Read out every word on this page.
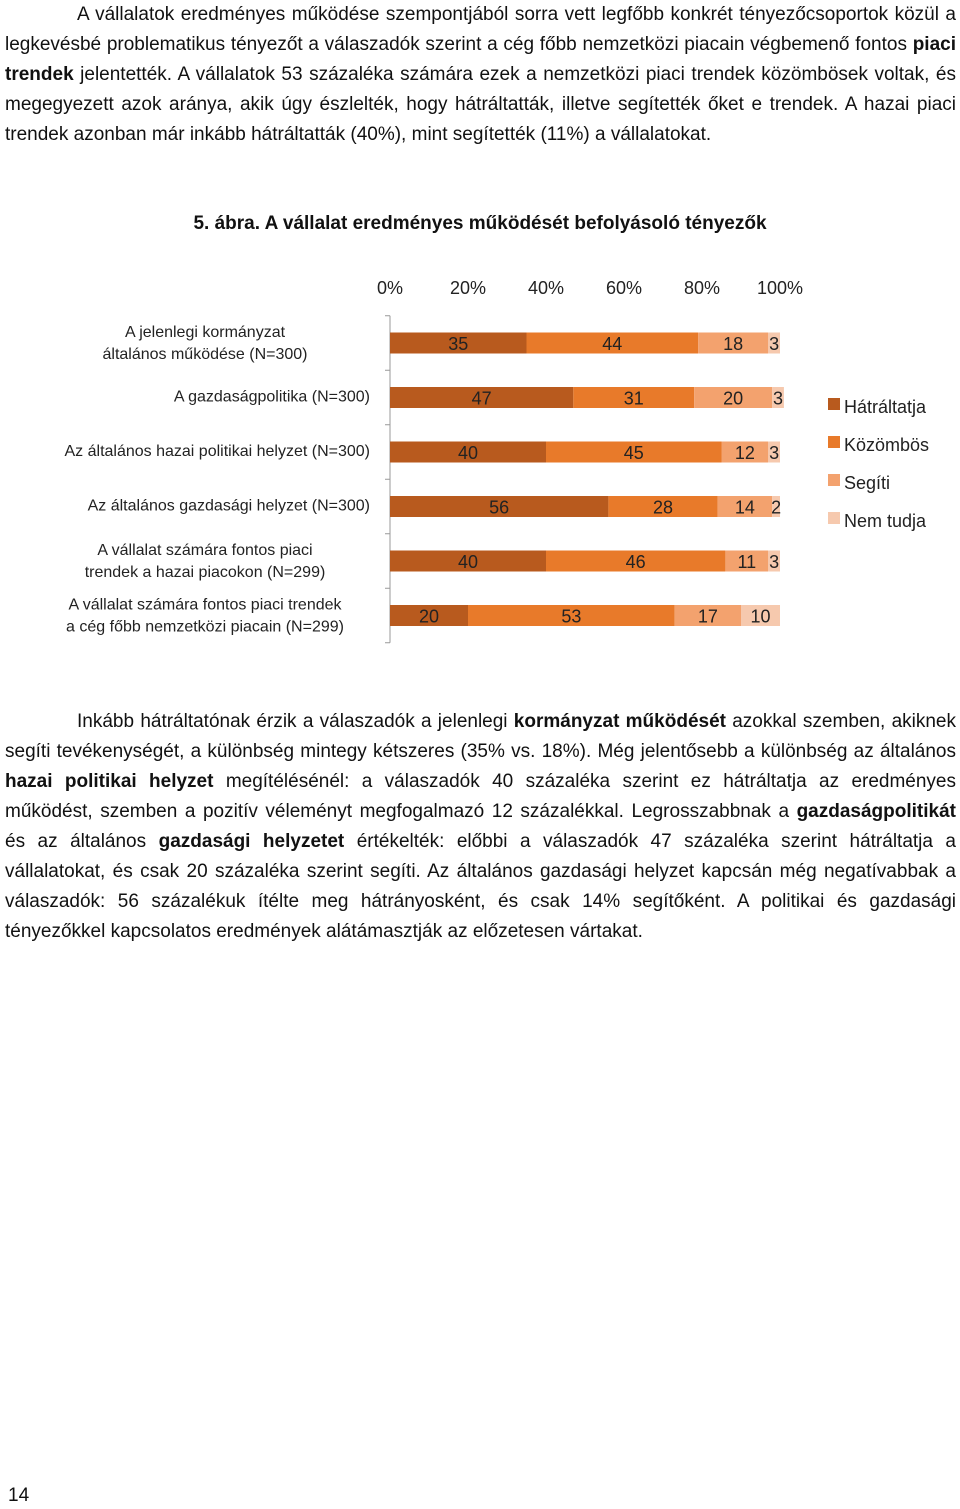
A vállalatok eredményes működése szempontjából sorra vett legfőbb konkrét tényezőcsoportok közül a legkevésbé problematikus tényezőt a válaszadók szerint a cég főbb nemzetközi piacain végbemenő fontos piaci trendek jelentették. A vállalatok 53 százaléka számára ezek a nemzetközi piaci trendek közömbösek voltak, és megegyezett azok aránya, akik úgy észlelték, hogy hátráltatták, illetve segítették őket e trendek. A hazai piaci trendek azonban már inkább hátráltatták (40%), mint segítették (11%) a vállalatokat.

5. ábra. A vállalat eredményes működését befolyásoló tényezők
0%	20% 40% 60% 80% 100%
A jelenlegi kormányzat általános működése (N=300)
A gazdaságpolitika (N=300)
Az általános hazai politikai helyzet (N=300)
Az általános gazdasági helyzet (N=300)
A vállalat számára fontos piaci trendek a hazai piacokon (N=299)
A vállalat számára fontos piaci trendek a cég főbb nemzetközi piacain (N=299)
35	44	18 3
47	31	20 3
40	45	12 3
56	28	14 2
40	46	11 3
20	53	17 10
Hátráltatja
Közömbös
Segíti
Nem tudja

Inkább hátráltatónak érzik a válaszadók a jelenlegi kormányzat működését azokkal szemben, akiknek segíti tevékenységét, a különbség mintegy kétszeres (35% vs. 18%). Még jelentősebb a különbség az általános hazai politikai helyzet megítélésénél: a válaszadók 40 százaléka szerint ez hátráltatja az eredményes működést, szemben a pozitív véleményt megfogalmazó 12 százalékkal. Legrosszabbnak a gazdaságpolitikát és az általános gazdasági helyzetet értékelték: előbbi a válaszadók 47 százaléka szerint hátráltatja a vállalatokat, és csak 20 százaléka szerint segíti. Az általános gazdasági helyzet kapcsán még negatívabbak a válaszadók: 56 százalékuk ítélte meg hátrányosként, és csak 14% segítőként. A politikai és gazdasági tényezőkkel kapcsolatos eredmények alátámasztják az előzetesen vártakat.

14
